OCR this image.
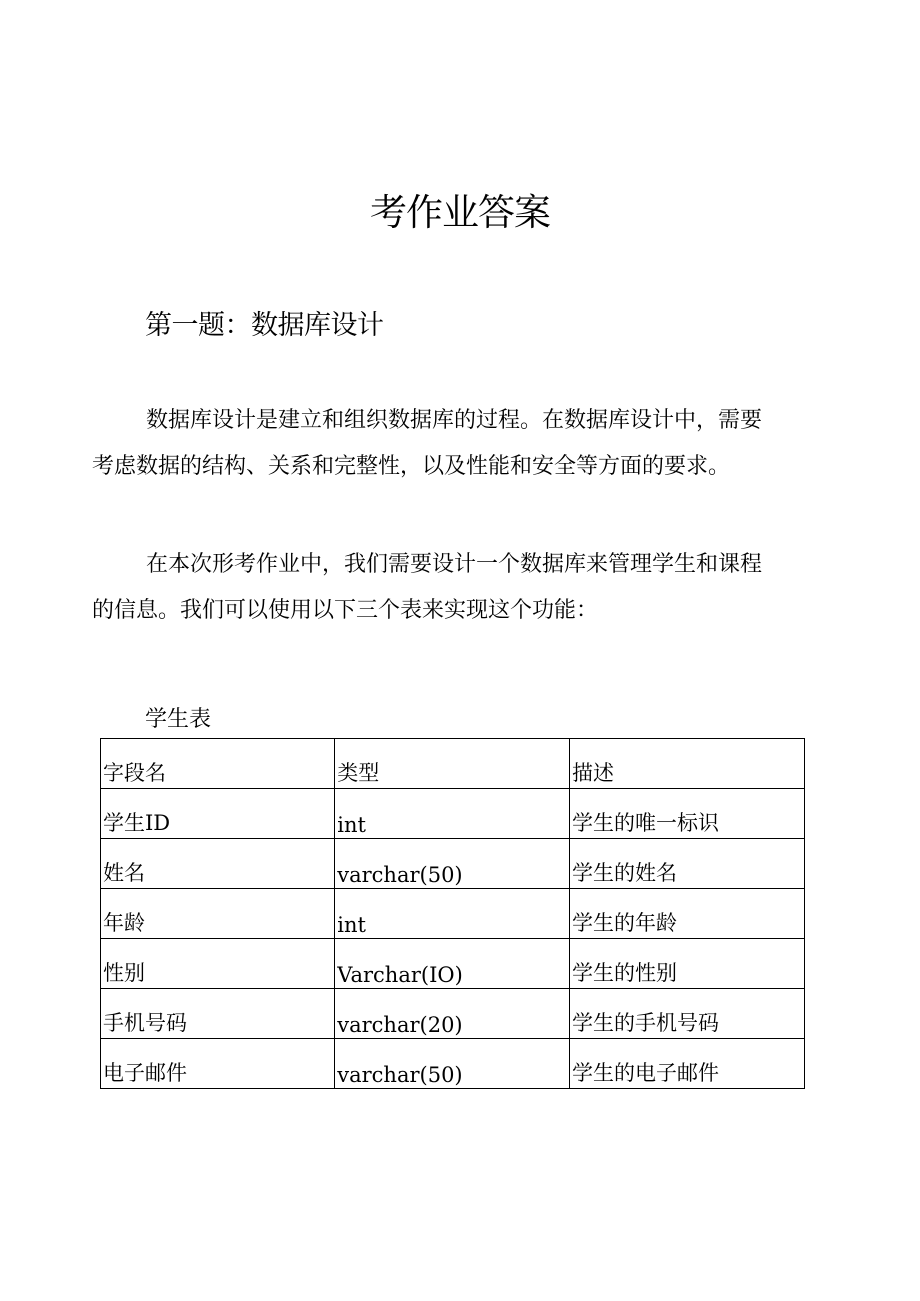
考作业答案
第一题：数据库设计

数据库设计是建立和组织数据库的过程。在数据库设计中，需要考虑数据的结构、关系和完整性，以及性能和安全等方面的要求。

在本次形考作业中，我们需要设计一个数据库来管理学生和课程的信息。我们可以使用以下三个表来实现这个功能：

学生表
字段名	类型	描述
学生ID	int	学生的唯一标识
姓名	varchar(50)	学生的姓名
年龄	int	学生的年龄
性别	Varchar(IO)	学生的性别
手机号码	varchar(20)	学生的手机号码
电子邮件	varchar(50)	学生的电子邮件
